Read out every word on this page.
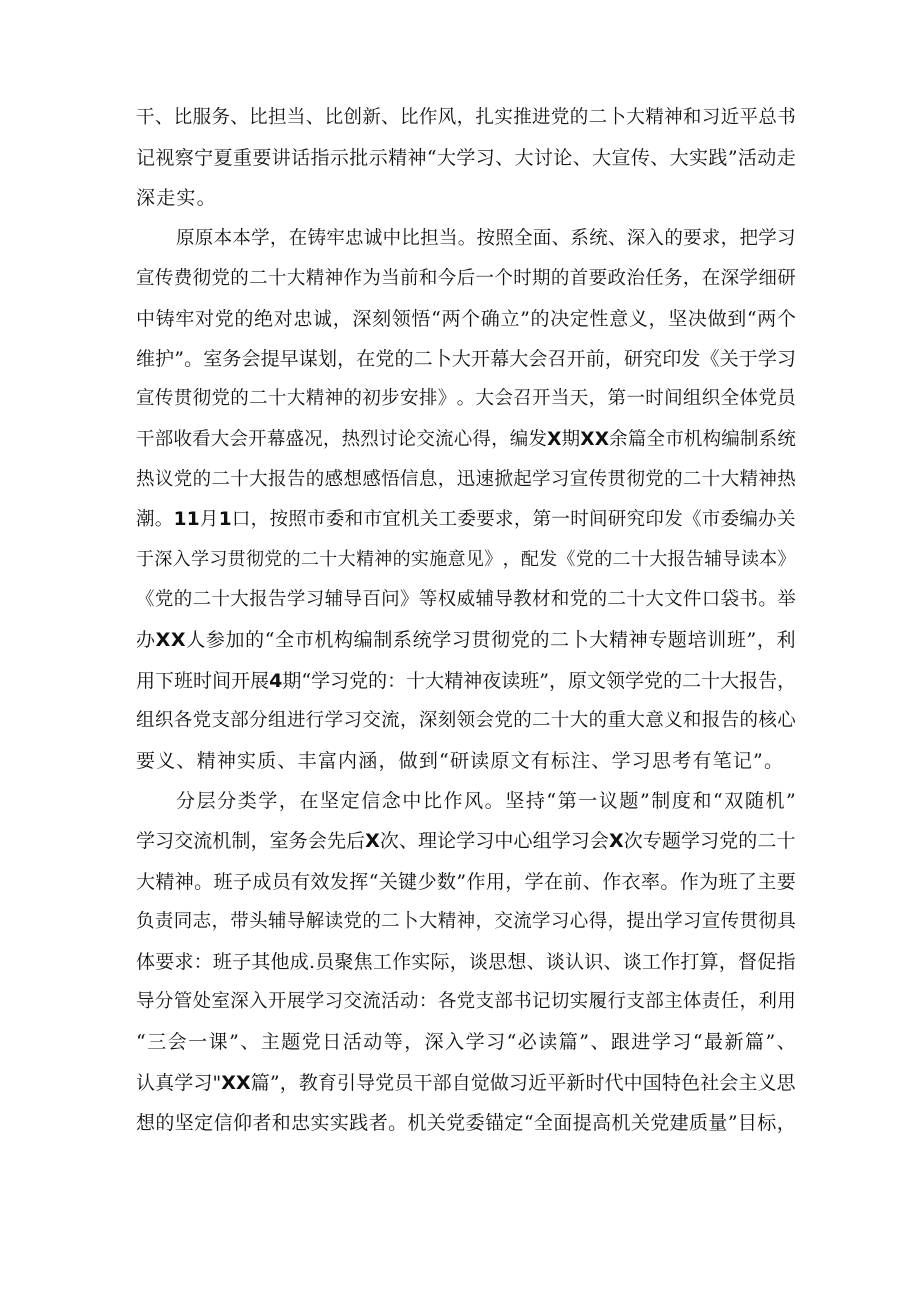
干 、 比 服 务 、 比 担 当 、 比 创 新 、 比 作 风 ， 扎 实 推 进 党 的 二 卜 大 精 神 和 习 近 平 总 书
记 视 察 宁 夏 重 要 讲 话 指 示 批 示 精 神 “ 大 学 习 、 大 讨 论 、 大 宣 传 、 大 实 践 ” 活 动 走
深 走 实 。
原 原 本 本 学 ， 在 铸 牢 忠 诚 中 比 担 当 。 按 照 全 面 、 系 统 、 深 入 的 要 求 ， 把 学 习
宣 传 费 彻 党 的 二 十 大 精 神 作 为 当 前 和 今 后 一 个 时 期 的 首 要 政 治 任 务 ， 在 深 学 细 研
中 铸 牢 对 党 的 绝 对 忠 诚 ， 深 刻 领 悟 “ 两 个 确 立 ” 的 决 定 性 意 义 ， 坚 决 做 到 “ 两 个
维 护 ” 。 室 务 会 提 早 谋 划 ， 在 党 的 二 卜 大 开 幕 大 会 召 开 前 ， 研 究 印 发 《 关 于 学 习
宣 传 贯 彻 党 的 二 十 大 精 神 的 初 步 安 排 》 。 大 会 召 开 当 天 ， 第 一 时 间 组 织 全 体 党 员
干 部 收 看 大 会 开 幕 盛 况 ， 热 烈 讨 论 交 流 心 得 ， 编 发 X 期 X X 余 篇 全 市 机 构 编 制 系 统
热 议 党 的 二 十 大 报 告 的 感 想 感 悟 信 息 ， 迅 速 掀 起 学 习 宣 传 贯 彻 党 的 二 十 大 精 神 热
潮 。 1 1 月 1 口 ， 按 照 市 委 和 市 宜 机 关 工 委 要 求 ， 第 一 时 间 研 究 印 发 《 市 委 编 办 关
于 深 入 学 习 贯 彻 党 的 二 十 大 精 神 的 实 施 意 见 》 ， 配 发 《 党 的 二 十 大 报 告 辅 导 读 本 》
《 党 的 二 十 大 报 告 学 习 辅 导 百 问 》 等 权 威 辅 导 教 材 和 党 的 二 十 大 文 件 口 袋 书 。 举
办 X X 人 参 加 的 “ 全 市 机 构 编 制 系 统 学 习 贯 彻 党 的 二 卜 大 精 神 专 题 培 训 班 ” ， 利
用 下 班 时 间 开 展 4 期 “ 学 习 党 的 ： 十 大 精 神 夜 读 班 ” ， 原 文 领 学 党 的 二 十 大 报 告 ，
组 织 各 党 支 部 分 组 进 行 学 习 交 流 ， 深 刻 领 会 党 的 二 十 大 的 重 大 意 义 和 报 告 的 核 心
要 义 、 精 神 实 质 、 丰 富 内 涵 ， 做 到 “ 研 读 原 文 有 标 注 、 学 习 思 考 有 笔 记 ” 。
分 层 分 类 学 ， 在 坚 定 信 念 中 比 作 风 。 坚 持 “ 第 一 议 题 ” 制 度 和 “ 双 随 机 ”
学 习 交 流 机 制 ， 室 务 会 先 后 X 次 、 理 论 学 习 中 心 组 学 习 会 X 次 专 题 学 习 党 的 二 十
大 精 神 。 班 子 成 员 有 效 发 挥 “ 关 键 少 数 ” 作 用 ， 学 在 前 、 作 衣 率 。 作 为 班 了 主 要
负 责 同 志 ， 带 头 辅 导 解 读 党 的 二 卜 大 精 神 ， 交 流 学 习 心 得 ， 提 出 学 习 宣 传 贯 彻 具
体 要 求 ： 班 子 其 他 成 . 员 聚 焦 工 作 实 际 ， 谈 思 想 、 谈 认 识 、 谈 工 作 打 算 ， 督 促 指
导 分 管 处 室 深 入 开 展 学 习 交 流 活 动 ： 各 党 支 部 书 记 切 实 履 行 支 部 主 体 责 任 ， 利 用
“ 三 会 一 课 ” 、 主 题 党 日 活 动 等 ， 深 入 学 习 “ 必 读 篇 ” 、 跟 进 学 习 “ 最 新 篇 ” 、
认 真 学 习 " X X 篇 ” ， 教 育 引 导 党 员 干 部 自 觉 做 习 近 平 新 时 代 中 国 特 色 社 会 主 义 思
想 的 坚 定 信 仰 者 和 忠 实 实 践 者 。 机 关 党 委 锚 定 “ 全 面 提 高 机 关 党 建 质 量 ” 目 标 ，
